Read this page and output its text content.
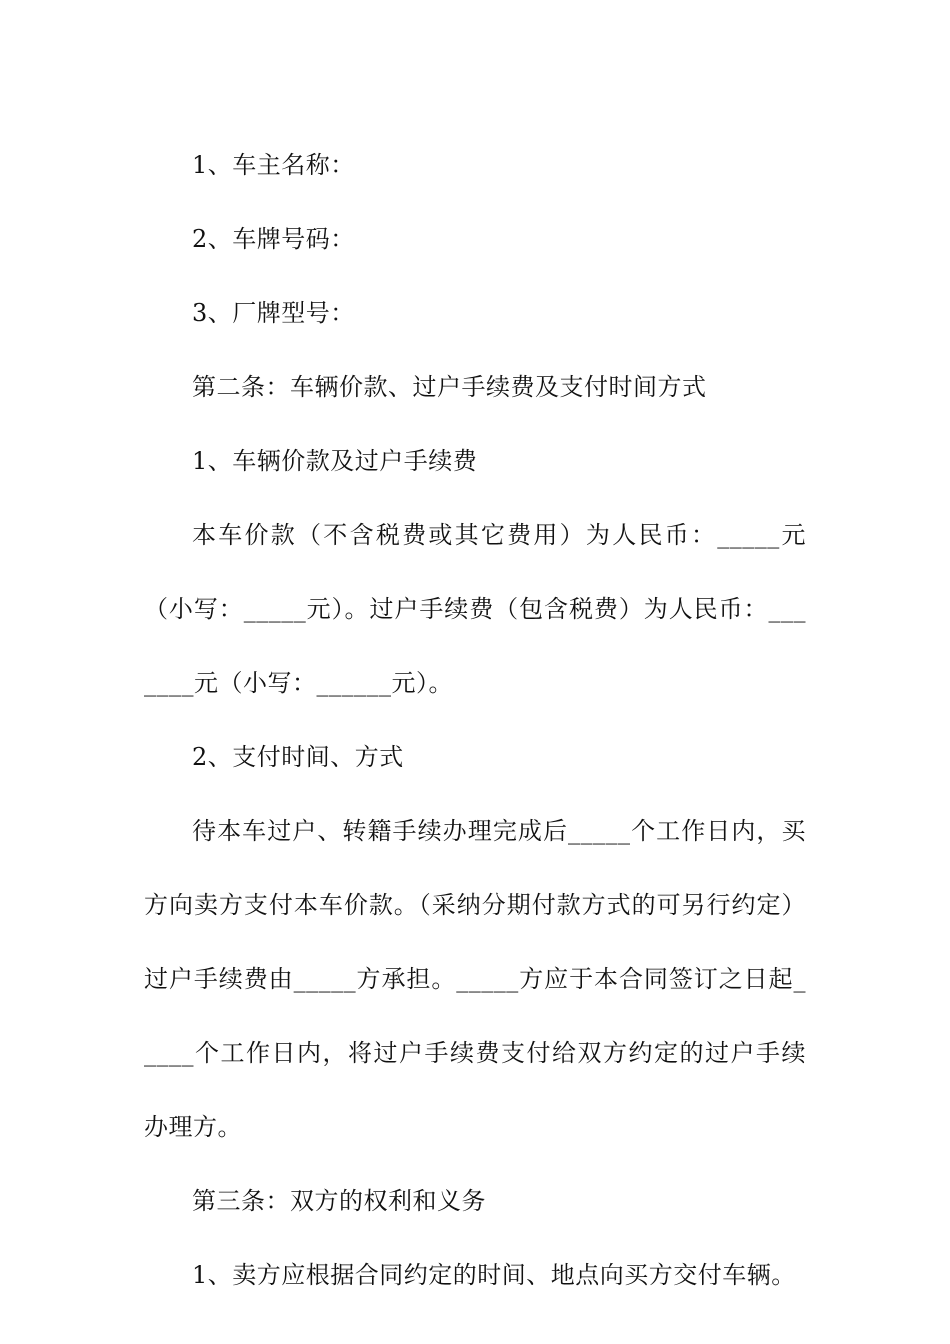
1、车主名称：

2、车牌号码：

3、厂牌型号：

第二条：车辆价款、过户手续费及支付时间方式

1、车辆价款及过户手续费

本车价款（不含税费或其它费用）为人民币：_____元（小写：_____元）。过户手续费（包含税费）为人民币：_______元（小写：______元）。

2、支付时间、方式

待本车过户、转籍手续办理完成后_____个工作日内，买方向卖方支付本车价款。（采纳分期付款方式的可另行约定）过户手续费由_____方承担。_____方应于本合同签订之日起_____个工作日内，将过户手续费支付给双方约定的过户手续办理方。

第三条：双方的权利和义务

1、卖方应根据合同约定的时间、地点向买方交付车辆。
